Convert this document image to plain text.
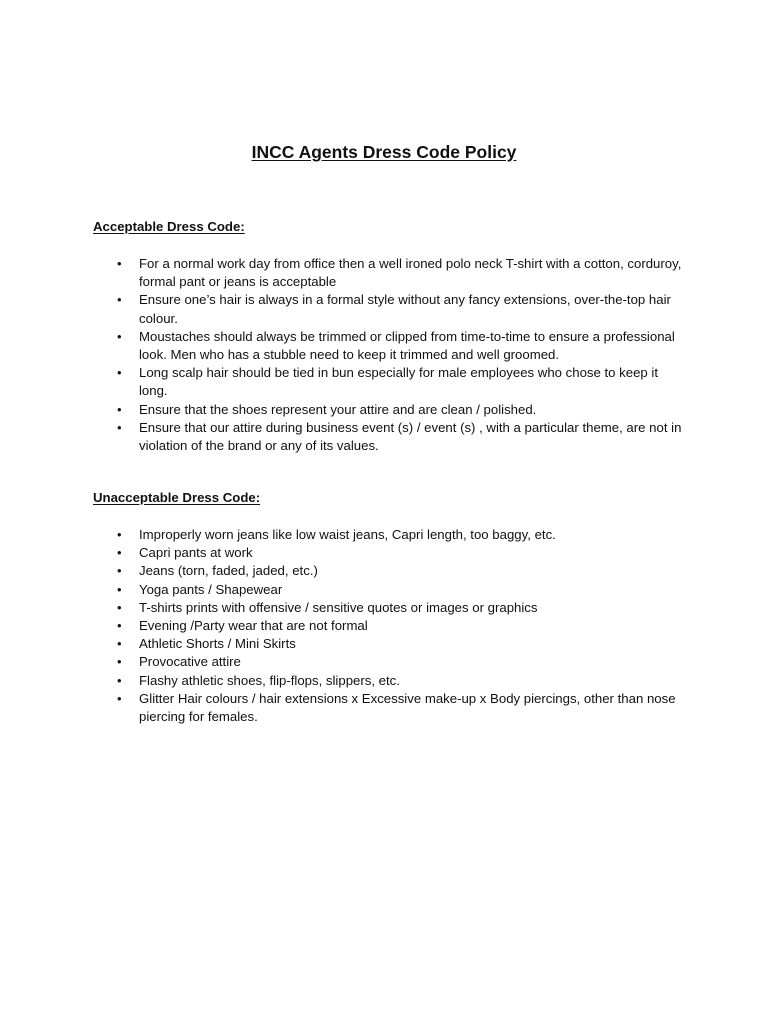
INCC Agents Dress Code Policy
Acceptable Dress Code:
•	For a normal work day from office then a well ironed polo neck T-shirt with a cotton, corduroy, formal pant or jeans is acceptable
•	Ensure one’s hair is always in a formal style without any fancy extensions, over-the-top hair colour.
•	Moustaches should always be trimmed or clipped from time-to-time to ensure a professional look. Men who has a stubble need to keep it trimmed and well groomed.
•	Long scalp hair should be tied in bun especially for male employees who chose to keep it long.
•	Ensure that the shoes represent your attire and are clean / polished.
•	Ensure that our attire during business event (s) / event (s) , with a particular theme, are not in violation of the brand or any of its values.
Unacceptable Dress Code:
•	Improperly worn jeans like low waist jeans, Capri length, too baggy, etc.
•	Capri pants at work
•	Jeans (torn, faded, jaded, etc.)
•	Yoga pants / Shapewear
•	T-shirts prints with offensive / sensitive quotes or images or graphics
•	Evening /Party wear that are not formal
•	Athletic Shorts / Mini Skirts
•	Provocative attire
•	Flashy athletic shoes, flip-flops, slippers, etc.
•	Glitter Hair colours / hair extensions x Excessive make-up x Body piercings, other than nose piercing for females.
